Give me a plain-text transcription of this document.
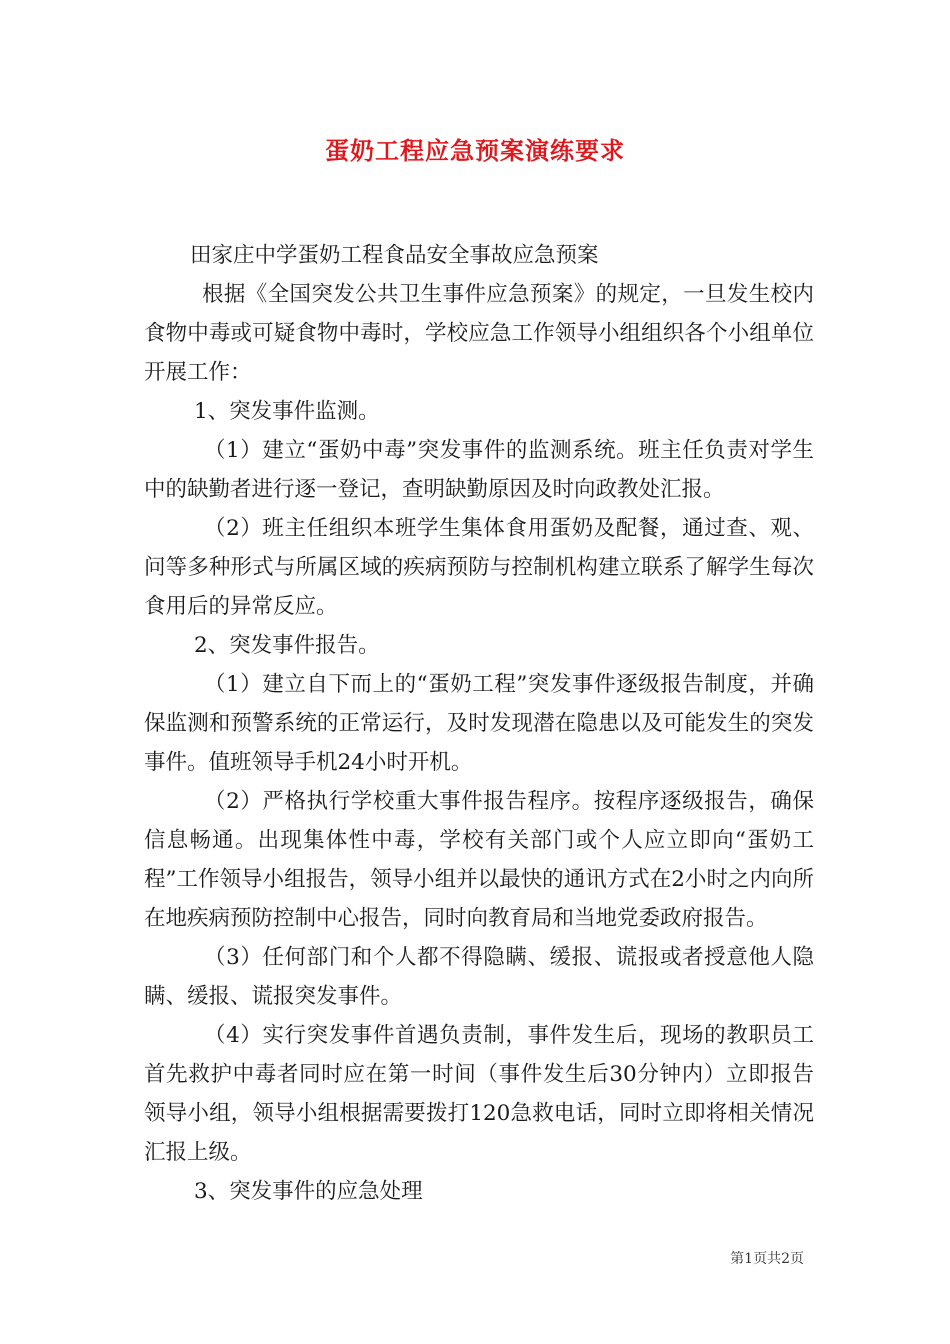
蛋奶工程应急预案演练要求

田家庄中学蛋奶工程食品安全事故应急预案

根据《全国突发公共卫生事件应急预案》的规定，一旦发生校内食物中毒或可疑食物中毒时，学校应急工作领导小组组织各个小组单位开展工作：

1、突发事件监测。

（1）建立“蛋奶中毒”突发事件的监测系统。班主任负责对学生中的缺勤者进行逐一登记，查明缺勤原因及时向政教处汇报。

（2）班主任组织本班学生集体食用蛋奶及配餐，通过查、观、问等多种形式与所属区域的疾病预防与控制机构建立联系了解学生每次食用后的异常反应。

2、突发事件报告。

（1）建立自下而上的“蛋奶工程”突发事件逐级报告制度，并确保监测和预警系统的正常运行，及时发现潜在隐患以及可能发生的突发事件。值班领导手机24小时开机。

（2）严格执行学校重大事件报告程序。按程序逐级报告，确保信息畅通。出现集体性中毒，学校有关部门或个人应立即向“蛋奶工程”工作领导小组报告，领导小组并以最快的通讯方式在2小时之内向所在地疾病预防控制中心报告，同时向教育局和当地党委政府报告。

（3）任何部门和个人都不得隐瞒、缓报、谎报或者授意他人隐瞒、缓报、谎报突发事件。

（4）实行突发事件首遇负责制，事件发生后，现场的教职员工首先救护中毒者同时应在第一时间（事件发生后30分钟内）立即报告领导小组，领导小组根据需要拨打120急救电话，同时立即将相关情况汇报上级。

3、突发事件的应急处理

第1页共2页
